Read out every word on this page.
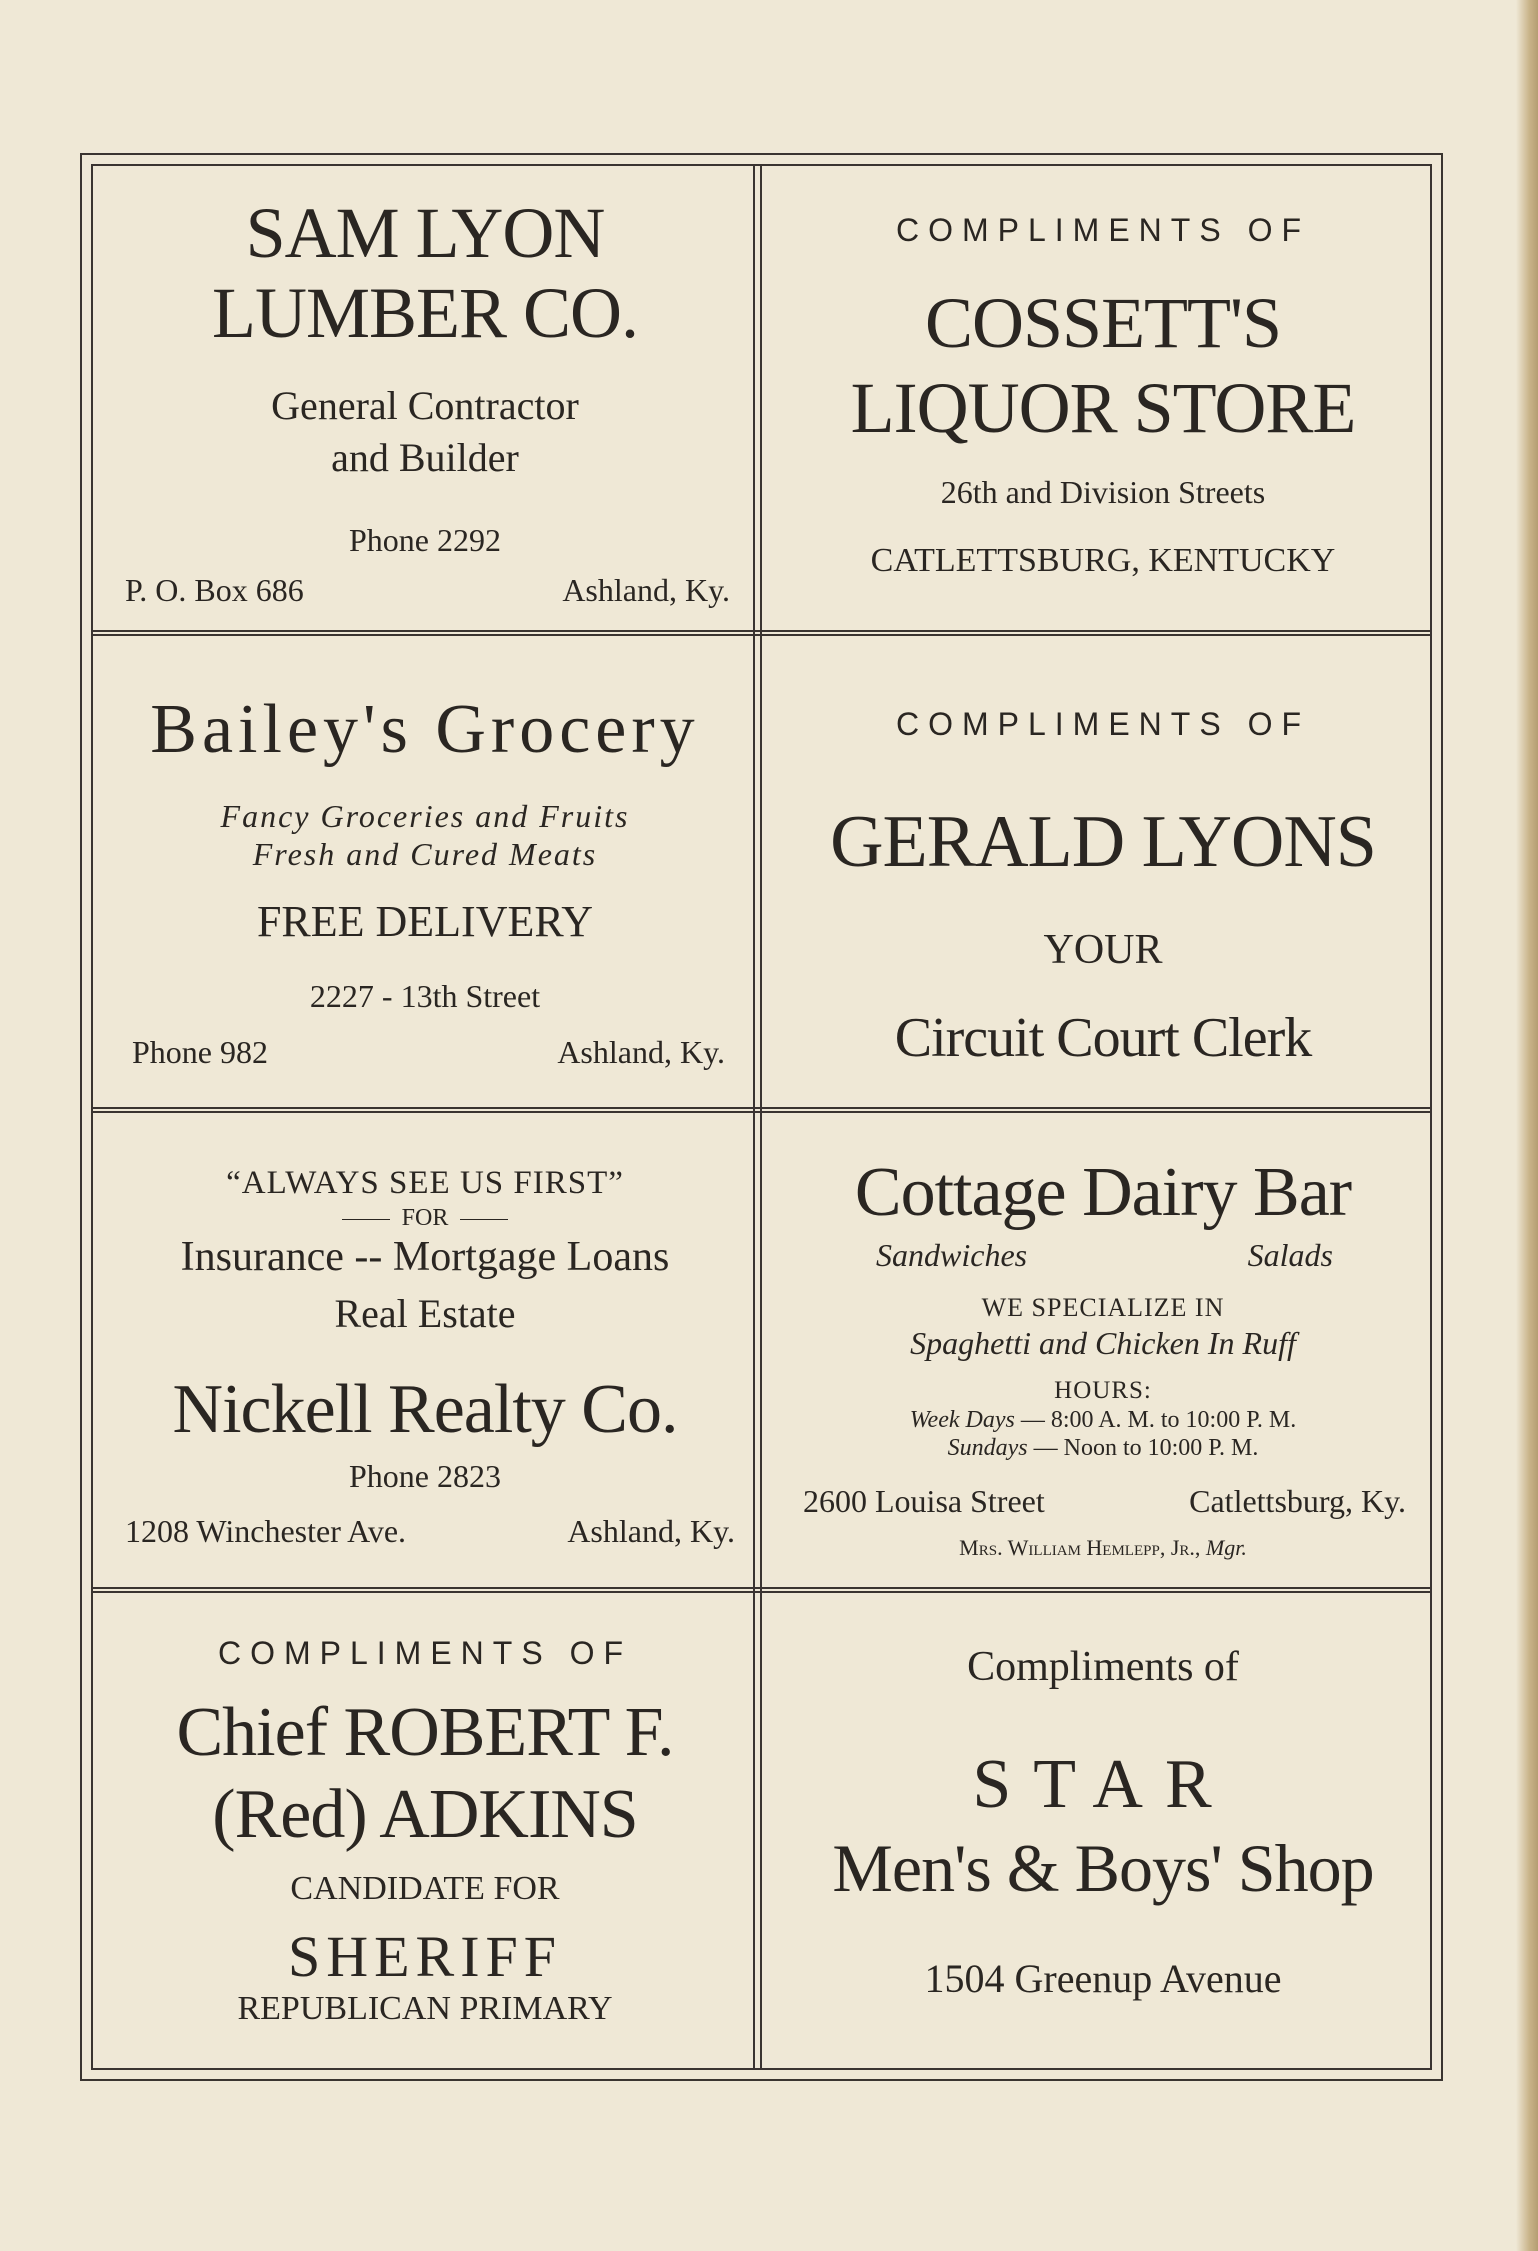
SAM LYON
LUMBER CO.
General Contractor
and Builder
Phone 2292
P. O. Box 686	Ashland, Ky.
COMPLIMENTS OF
COSSETT'S
LIQUOR STORE
26th and Division Streets
CATLETTSBURG, KENTUCKY
Bailey's Grocery
Fancy Groceries and Fruits
Fresh and Cured Meats
FREE DELIVERY
2227 - 13th Street
Phone 982	Ashland, Ky.
COMPLIMENTS OF
GERALD LYONS
YOUR
Circuit Court Clerk
“ALWAYS SEE US FIRST”
FOR
Insurance -- Mortgage Loans
Real Estate
Nickell Realty Co.
Phone 2823
1208 Winchester Ave.	Ashland, Ky.
Cottage Dairy Bar
Sandwiches	Salads
WE SPECIALIZE IN
Spaghetti and Chicken In Ruff
HOURS:
Week Days — 8:00 A. M. to 10:00 P. M.
Sundays — Noon to 10:00 P. M.
2600 Louisa Street	Catlettsburg, Ky.
Mrs. William Hemlepp, Jr., Mgr.
COMPLIMENTS OF
Chief ROBERT F.
(Red) ADKINS
CANDIDATE FOR
SHERIFF
REPUBLICAN PRIMARY
Compliments of
STAR
Men's & Boys' Shop
1504 Greenup Avenue
